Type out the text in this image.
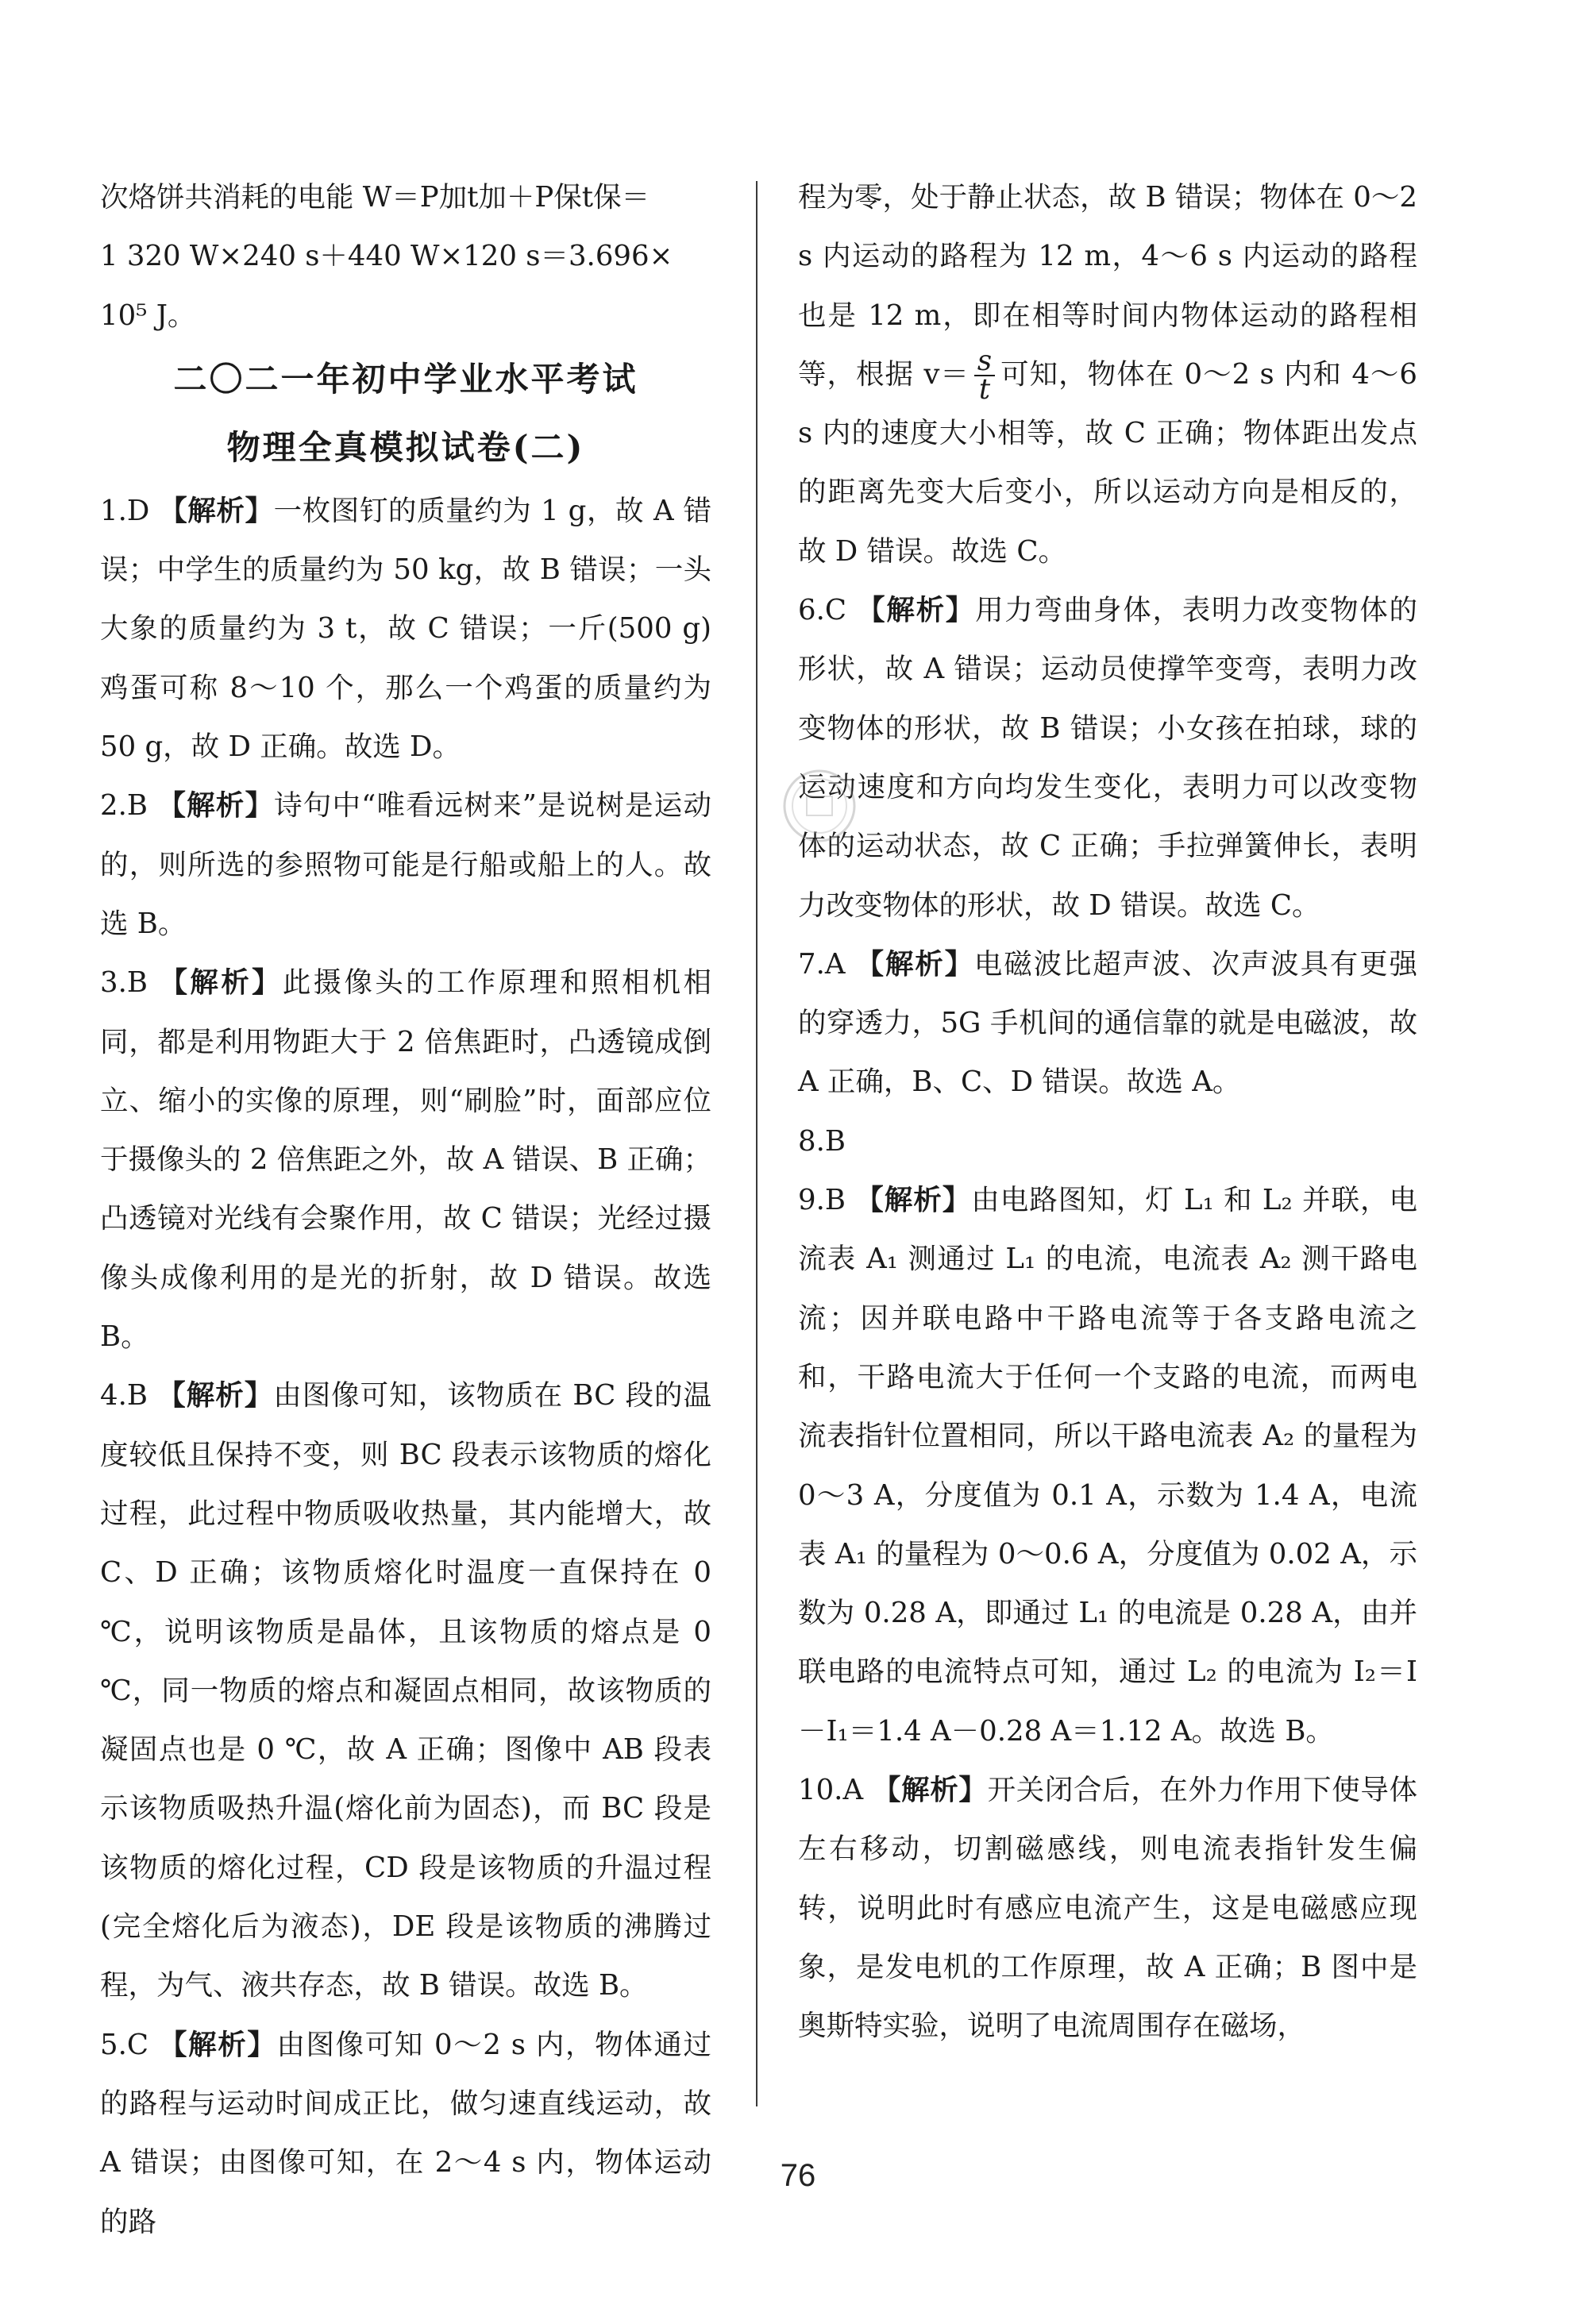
次烙饼共消耗的电能 W＝P加t加＋P保t保＝

1 320 W×240 s＋440 W×120 s＝3.696×

10⁵ J。

二〇二一年初中学业水平考试
物理全真模拟试卷(二)

1.D 【解析】一枚图钉的质量约为 1 g，故 A 错误；中学生的质量约为 50 kg，故 B 错误；一头大象的质量约为 3 t，故 C 错误；一斤(500 g)鸡蛋可称 8～10 个，那么一个鸡蛋的质量约为 50 g，故 D 正确。故选 D。

2.B 【解析】诗句中“唯看远树来”是说树是运动的，则所选的参照物可能是行船或船上的人。故选 B。

3.B 【解析】此摄像头的工作原理和照相机相同，都是利用物距大于 2 倍焦距时，凸透镜成倒立、缩小的实像的原理，则“刷脸”时，面部应位于摄像头的 2 倍焦距之外，故 A 错误、B 正确；凸透镜对光线有会聚作用，故 C 错误；光经过摄像头成像利用的是光的折射，故 D 错误。故选 B。

4.B 【解析】由图像可知，该物质在 BC 段的温度较低且保持不变，则 BC 段表示该物质的熔化过程，此过程中物质吸收热量，其内能增大，故 C、D 正确；该物质熔化时温度一直保持在 0 ℃，说明该物质是晶体，且该物质的熔点是 0 ℃，同一物质的熔点和凝固点相同，故该物质的凝固点也是 0 ℃，故 A 正确；图像中 AB 段表示该物质吸热升温(熔化前为固态)，而 BC 段是该物质的熔化过程，CD 段是该物质的升温过程(完全熔化后为液态)，DE 段是该物质的沸腾过程，为气、液共存态，故 B 错误。故选 B。

5.C 【解析】由图像可知 0～2 s 内，物体通过的路程与运动时间成正比，做匀速直线运动，故 A 错误；由图像可知，在 2～4 s 内，物体运动的路

程为零，处于静止状态，故 B 错误；物体在 0～2 s 内运动的路程为 12 m，4～6 s 内运动的路程也是 12 m，即在相等时间内物体运动的路程相等，根据 $v= \frac{s}{t}$ 可知，物体在 0～2 s 内和 4～6 s 内的速度大小相等，故 C 正确；物体距出发点的距离先变大后变小，所以运动方向是相反的，故 D 错误。故选 C。

6.C 【解析】用力弯曲身体，表明力改变物体的形状，故 A 错误；运动员使撑竿变弯，表明力改变物体的形状，故 B 错误；小女孩在拍球，球的运动速度和方向均发生变化，表明力可以改变物体的运动状态，故 C 正确；手拉弹簧伸长，表明力改变物体的形状，故 D 错误。故选 C。

7.A 【解析】电磁波比超声波、次声波具有更强的穿透力，5G 手机间的通信靠的就是电磁波，故 A 正确，B、C、D 错误。故选 A。

8.B

9.B 【解析】由电路图知，灯 L₁ 和 L₂ 并联，电流表 A₁ 测通过 L₁ 的电流，电流表 A₂ 测干路电流；因并联电路中干路电流等于各支路电流之和，干路电流大于任何一个支路的电流，而两电流表指针位置相同，所以干路电流表 A₂ 的量程为 0～3 A，分度值为 0.1 A，示数为 1.4 A，电流表 A₁ 的量程为 0～0.6 A，分度值为 0.02 A，示数为 0.28 A，即通过 L₁ 的电流是 0.28 A，由并联电路的电流特点可知，通过 L₂ 的电流为 I₂＝I－I₁＝1.4 A－0.28 A＝1.12 A。故选 B。

10.A 【解析】开关闭合后，在外力作用下使导体左右移动，切割磁感线，则电流表指针发生偏转，说明此时有感应电流产生，这是电磁感应现象，是发电机的工作原理，故 A 正确；B 图中是奥斯特实验，说明了电流周围存在磁场，

76
